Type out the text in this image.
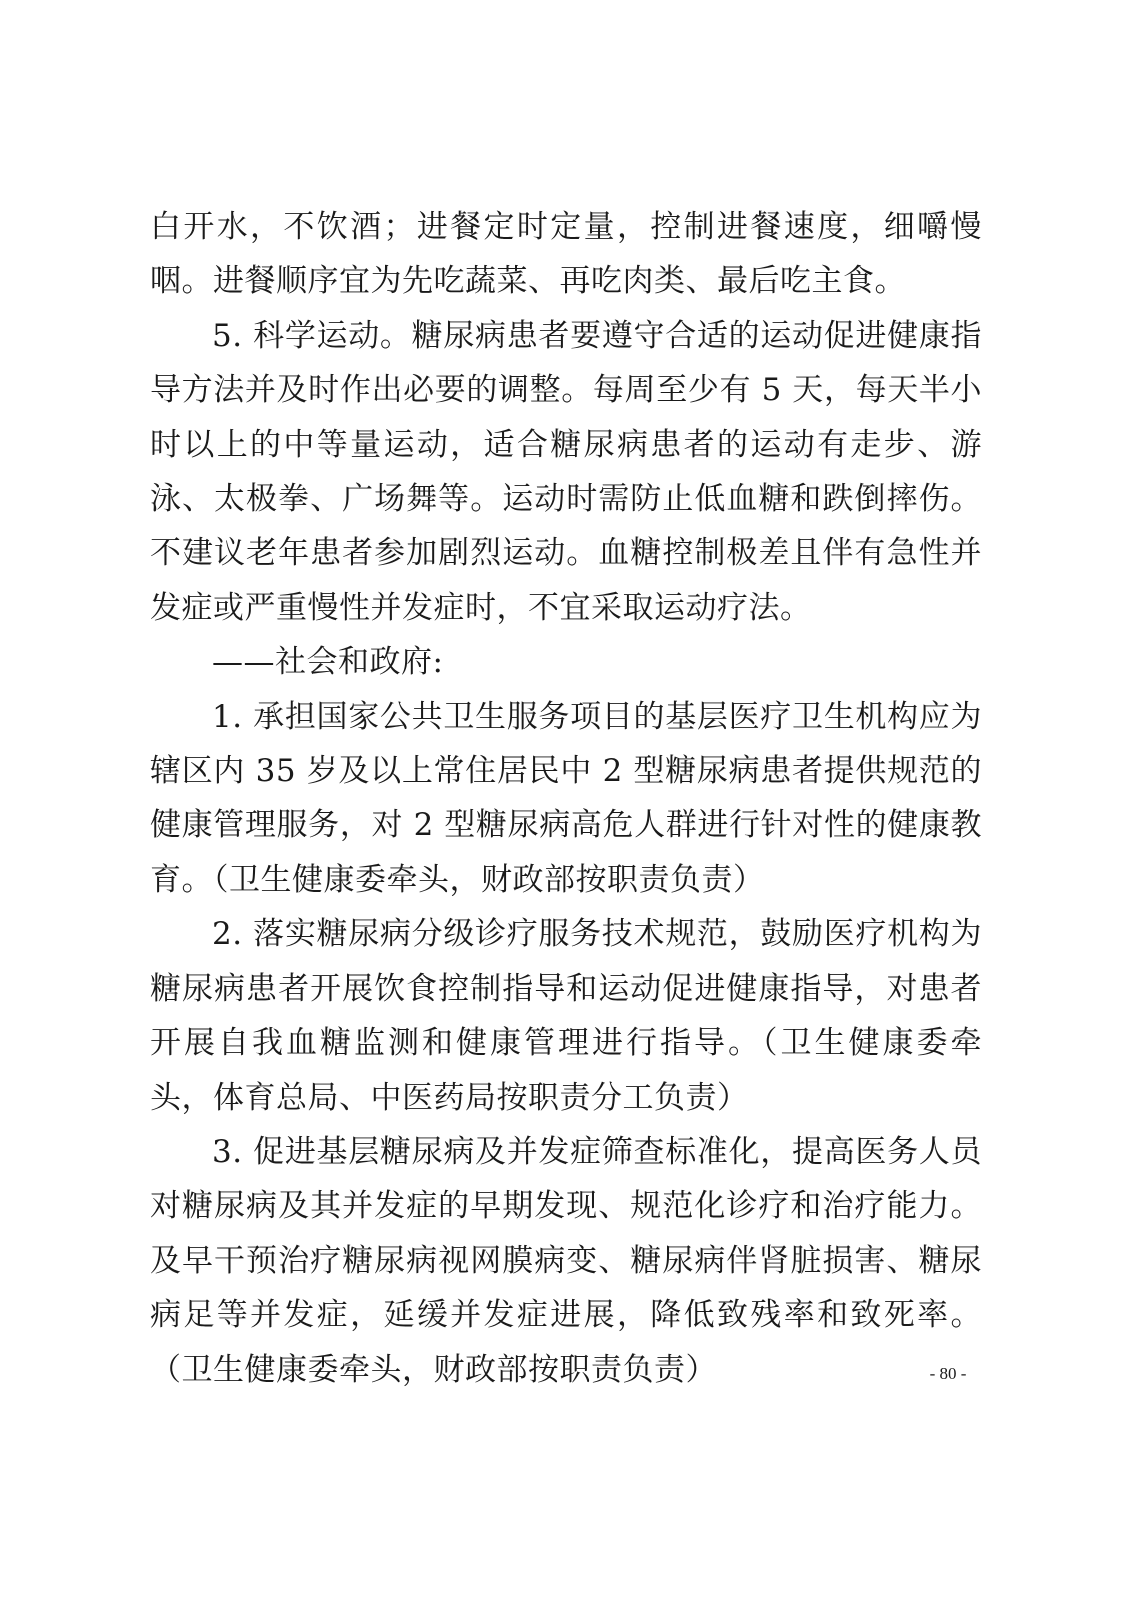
白开水，不饮酒；进餐定时定量，控制进餐速度，细嚼慢咽。进餐顺序宜为先吃蔬菜、再吃肉类、最后吃主食。

5. 科学运动。糖尿病患者要遵守合适的运动促进健康指导方法并及时作出必要的调整。每周至少有 5 天，每天半小时以上的中等量运动，适合糖尿病患者的运动有走步、游泳、太极拳、广场舞等。运动时需防止低血糖和跌倒摔伤。不建议老年患者参加剧烈运动。血糖控制极差且伴有急性并发症或严重慢性并发症时，不宜采取运动疗法。

——社会和政府:

1. 承担国家公共卫生服务项目的基层医疗卫生机构应为辖区内 35 岁及以上常住居民中 2 型糖尿病患者提供规范的健康管理服务，对 2 型糖尿病高危人群进行针对性的健康教育。（卫生健康委牵头，财政部按职责负责）

2. 落实糖尿病分级诊疗服务技术规范，鼓励医疗机构为糖尿病患者开展饮食控制指导和运动促进健康指导，对患者开展自我血糖监测和健康管理进行指导。（卫生健康委牵头，体育总局、中医药局按职责分工负责）

3. 促进基层糖尿病及并发症筛查标准化，提高医务人员对糖尿病及其并发症的早期发现、规范化诊疗和治疗能力。及早干预治疗糖尿病视网膜病变、糖尿病伴肾脏损害、糖尿病足等并发症，延缓并发症进展，降低致残率和致死率。（卫生健康委牵头，财政部按职责负责）	- 80 -
